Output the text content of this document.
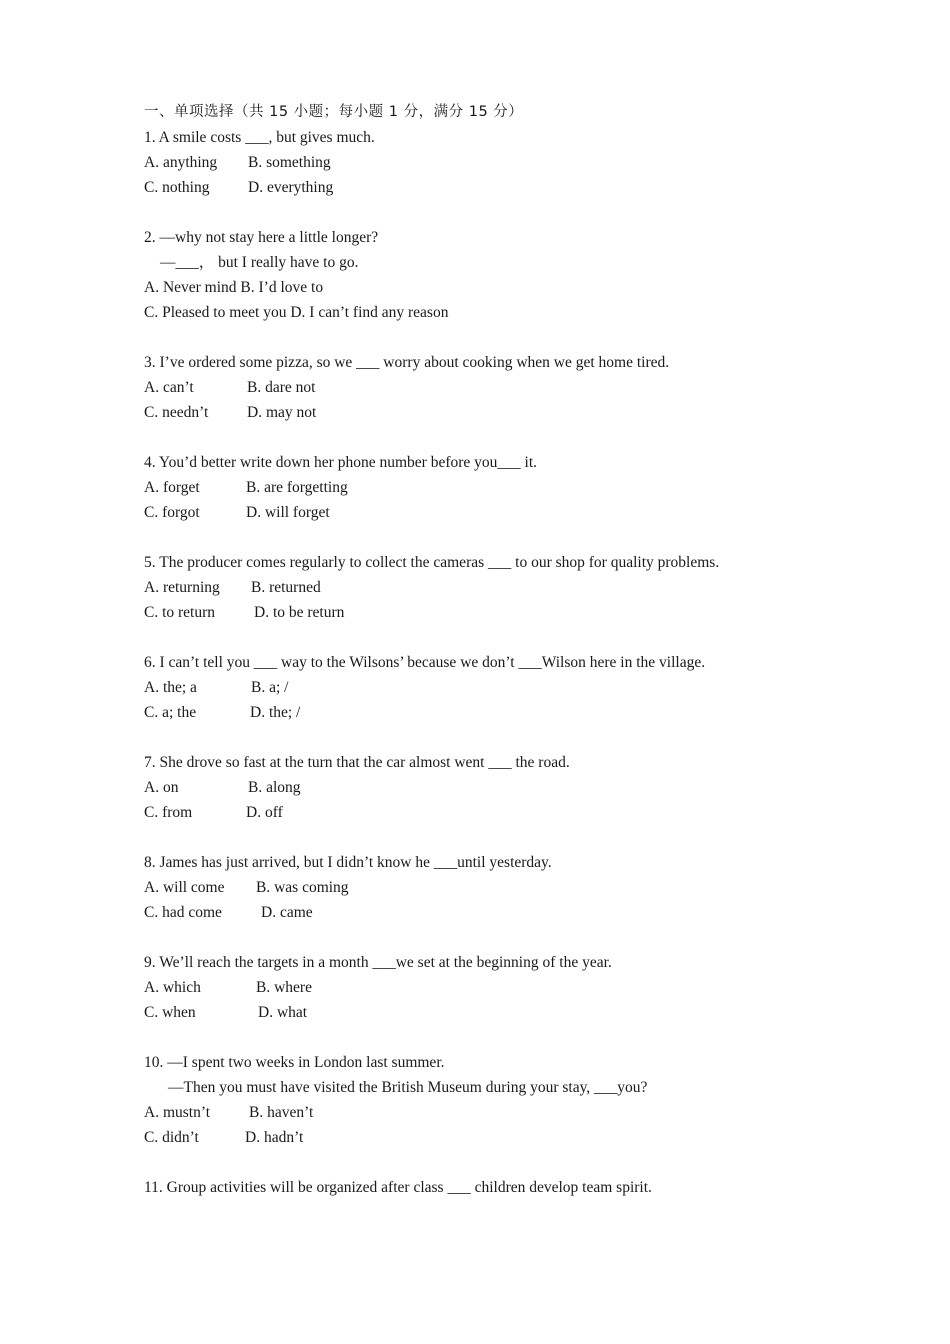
一、单项选择（共 15 小题；每小题 1 分，满分 15 分）
1. A smile costs ___, but gives much.
A. anything B. something
C. nothing D. everything
2. —why not stay here a little longer?
—___， but I really have to go.
A. Never mind B. I’d love to
C. Pleased to meet you D. I can’t find any reason
3. I’ve ordered some pizza, so we ___ worry about cooking when we get home tired.
A. can’t	B. dare not
C. needn’t D. may not
4. You’d better write down her phone number before you___ it.
A. forget	B. are forgetting
C. forgot	D. will forget
5. The producer comes regularly to collect the cameras ___ to our shop for quality problems.
A. returning B. returned
C. to return	D. to be return
6. I can’t tell you ___ way to the Wilsons’ because we don’t ___Wilson here in the village.
A. the; a	B. a; /
C. a; the	D. the; /
7. She drove so fast at the turn that the car almost went ___ the road.
A. on	B. along
C. from	D. off
8. James has just arrived, but I didn’t know he ___until yesterday.
A. will come B. was coming
C. had come	D. came
9. We’ll reach the targets in a month ___we set at the beginning of the year.
A. which	B. where
C. when	D. what
10. —I spent two weeks in London last summer.
—Then you must have visited the British Museum during your stay, ___you?
A. mustn’t	B. haven’t
C. didn’t	D. hadn’t
11. Group activities will be organized after class ___ children develop team spirit.
